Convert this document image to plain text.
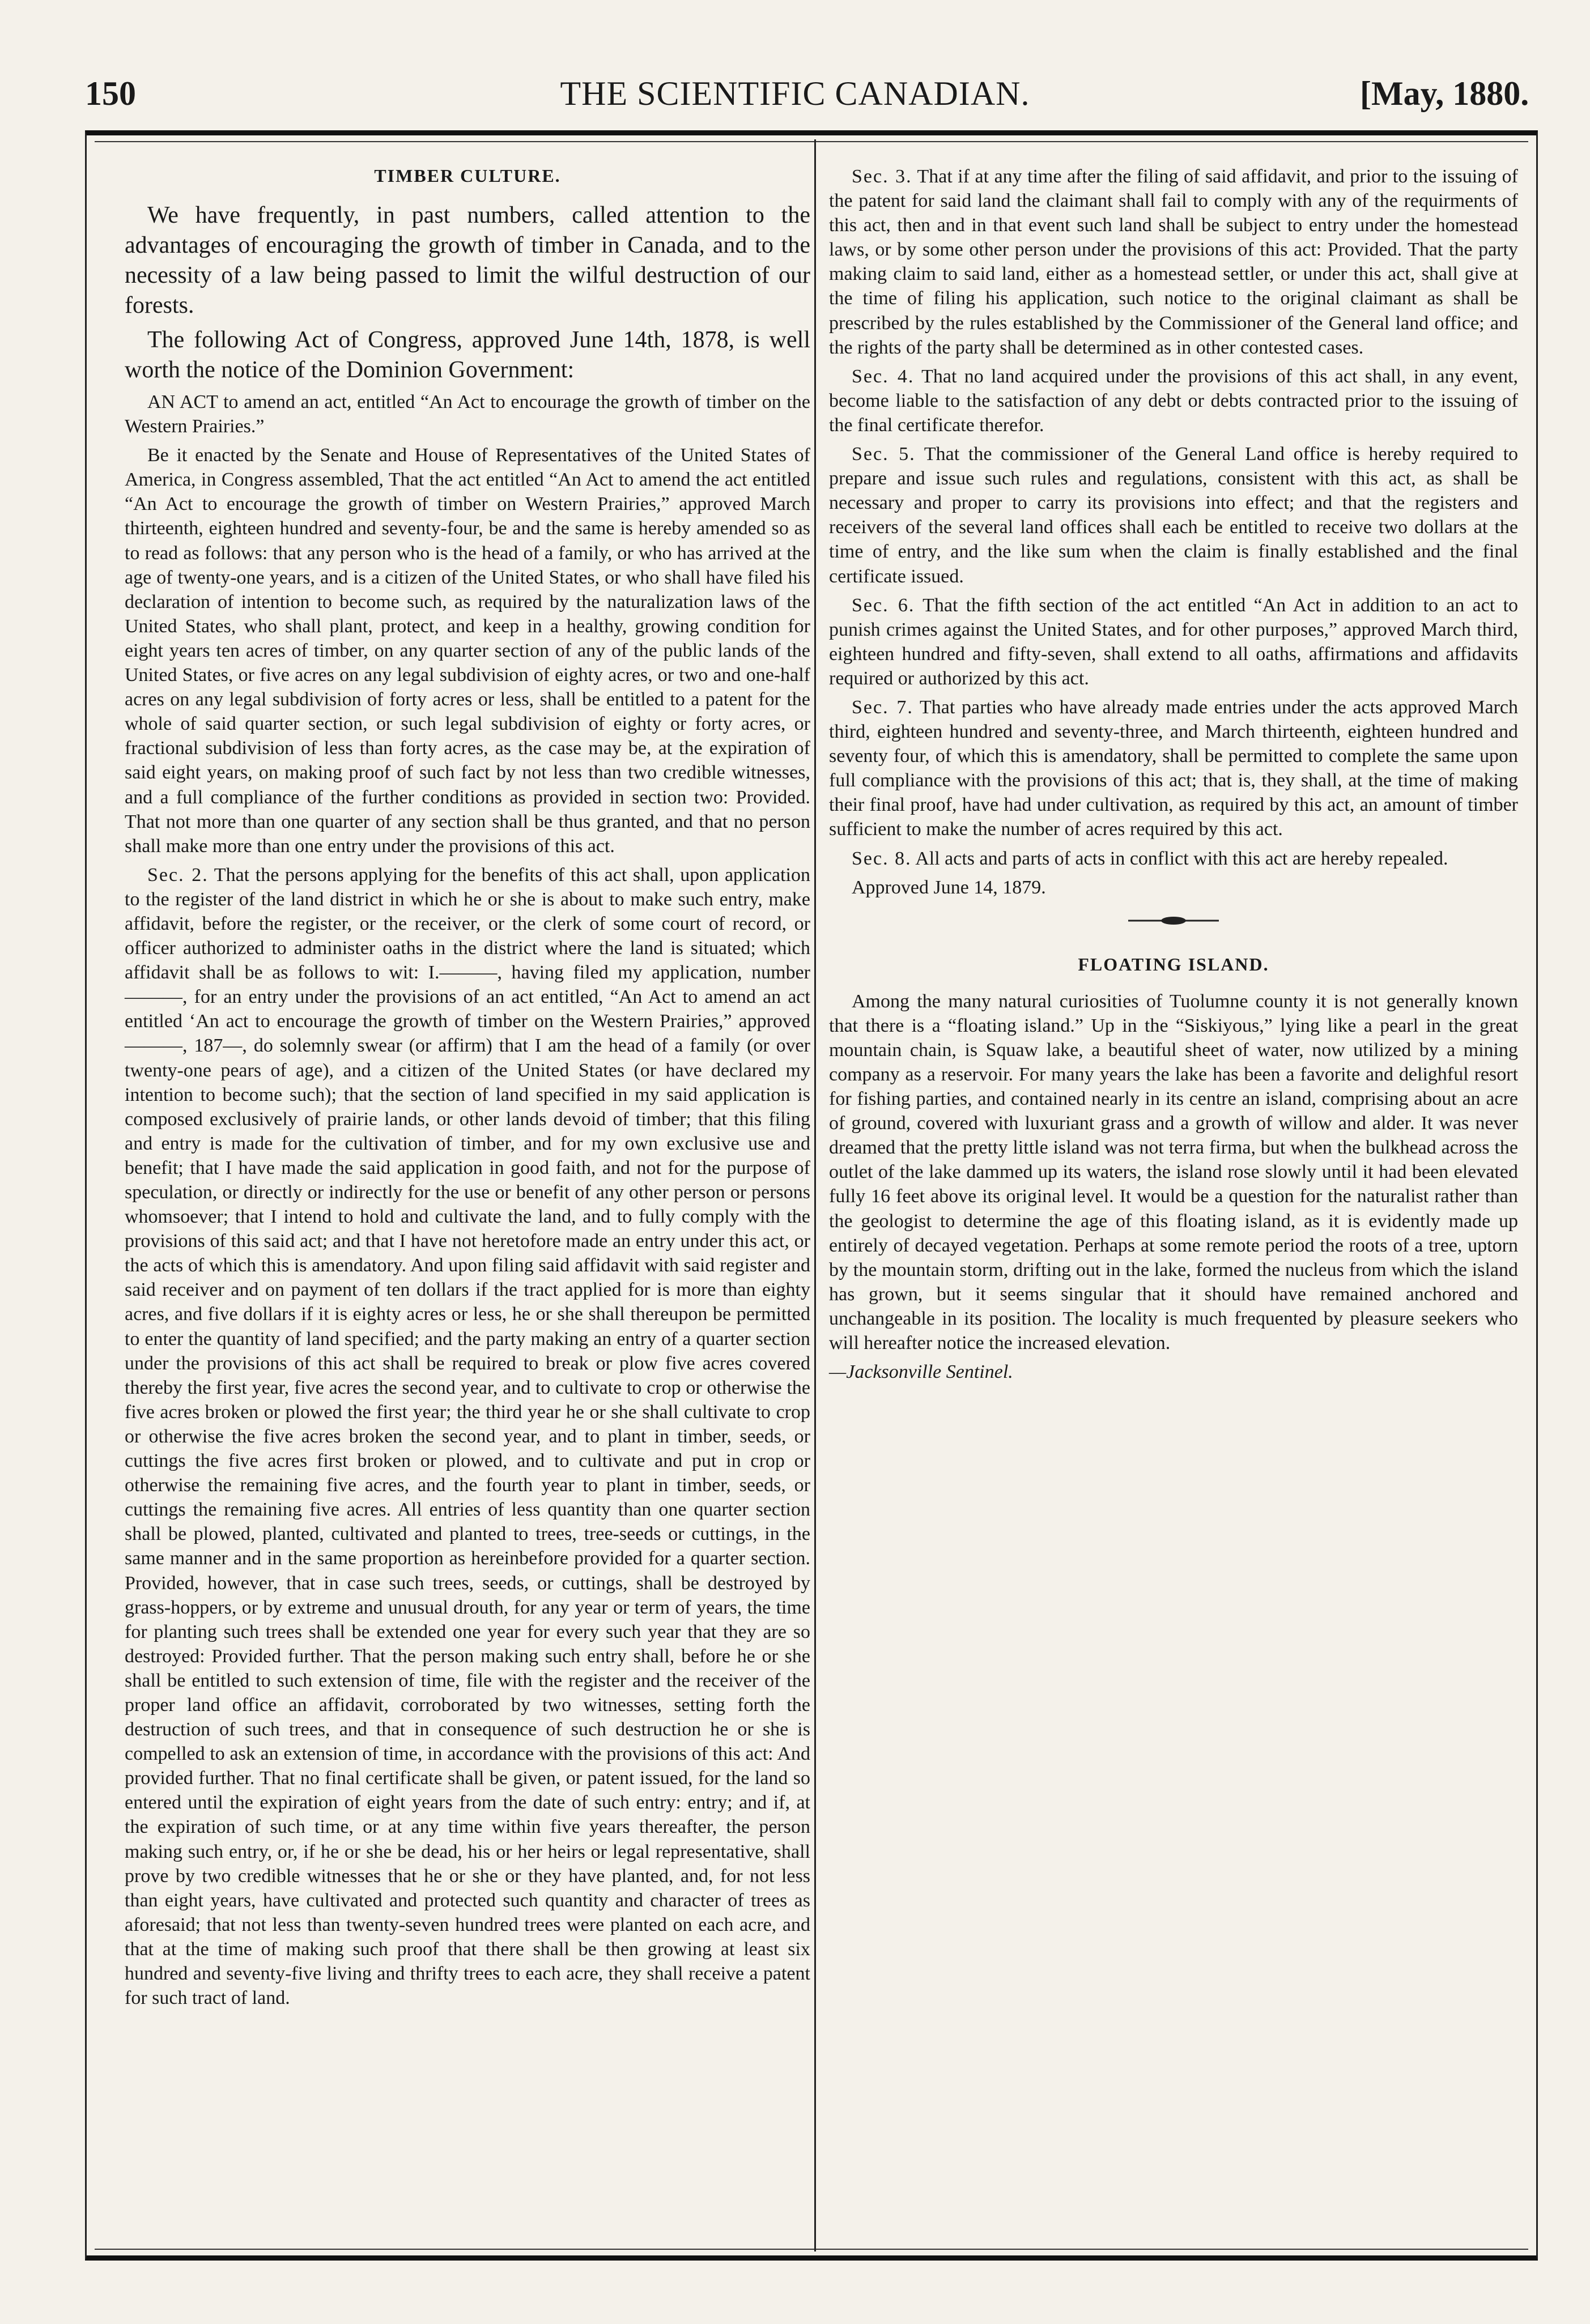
THE SCIENTIFIC CANADIAN.

150	[May, 1880.

TIMBER CULTURE.

We have frequently, in past numbers, called attention to the advantages of encouraging the growth of timber in Canada, and to the necessity of a law being passed to limit the wilful destruction of our forests.

The following Act of Congress, approved June 14th, 1878, is well worth the notice of the Dominion Government:

AN ACT to amend an act, entitled “An Act to encourage the growth of timber on the Western Prairies.”

Be it enacted by the Senate and House of Representatives of the United States of America, in Congress assembled, That the act entitled “An Act to amend the act entitled “An Act to encourage the growth of timber on Western Prairies,” approved March thirteenth, eighteen hundred and seventy-four, be and the same is hereby amended so as to read as follows: that any person who is the head of a family, or who has arrived at the age of twenty-one years, and is a citizen of the United States, or who shall have filed his declaration of intention to become such, as required by the naturalization laws of the United States, who shall plant, protect, and keep in a healthy, growing condition for eight years ten acres of timber, on any quarter section of any of the public lands of the United States, or five acres on any legal subdivision of eighty acres, or two and one-half acres on any legal subdivision of forty acres or less, shall be entitled to a patent for the whole of said quarter section, or such legal subdivision of eighty or forty acres, or fractional subdivision of less than forty acres, as the case may be, at the expiration of said eight years, on making proof of such fact by not less than two credible witnesses, and a full compliance of the further conditions as provided in section two: Provided. That not more than one quarter of any section shall be thus granted, and that no person shall make more than one entry under the provisions of this act.

Sec. 2. That the persons applying for the benefits of this act shall, upon application to the register of the land district in which he or she is about to make such entry, make affidavit, before the register, or the receiver, or the clerk of some court of record, or officer authorized to administer oaths in the district where the land is situated; which affidavit shall be as follows to wit: I.———, having filed my application, number———, for an entry under the provisions of an act entitled, “An Act to amend an act entitled ‘An act to encourage the growth of timber on the Western Prairies,” approved———, 187—, do solemnly swear (or affirm) that I am the head of a family (or over twenty-one pears of age), and a citizen of the United States (or have declared my intention to become such); that the section of land specified in my said application is composed exclusively of prairie lands, or other lands devoid of timber; that this filing and entry is made for the cultivation of timber, and for my own exclusive use and benefit; that I have made the said application in good faith, and not for the purpose of speculation, or directly or indirectly for the use or benefit of any other person or persons whomsoever; that I intend to hold and cultivate the land, and to fully comply with the provisions of this said act; and that I have not heretofore made an entry under this act, or the acts of which this is amendatory. And upon filing said affidavit with said register and said receiver and on payment of ten dollars if the tract applied for is more than eighty acres, and five dollars if it is eighty acres or less, he or she shall thereupon be permitted to enter the quantity of land specified; and the party making an entry of a quarter section under the provisions of this act shall be required to break or plow five acres covered thereby the first year, five acres the second year, and to cultivate to crop or otherwise the five acres broken or plowed the first year; the third year he or she shall cultivate to crop or otherwise the five acres broken the second year, and to plant in timber, seeds, or cuttings the five acres first broken or plowed, and to cultivate and put in crop or otherwise the remaining five acres, and the fourth year to plant in timber, seeds, or cuttings the remaining five acres. All entries of less quantity than one quarter section shall be plowed, planted, cultivated and planted to trees, tree-seeds or cuttings, in the same manner and in the same proportion as hereinbefore provided for a quarter section. Provided, however, that in case such trees, seeds, or cuttings, shall be destroyed by grass-hoppers, or by extreme and unusual drouth, for any year or term of years, the time for planting such trees shall be extended one year for every such year that they are so destroyed: Provided further. That the person making such entry shall, before he or she shall be entitled to such extension of time, file with the register and the receiver of the proper land office an affidavit, corroborated by two witnesses, setting forth the destruction of such trees, and that in consequence of such destruction he or she is compelled to ask an extension of time, in accordance with the provisions of this act: And provided further. That no final certificate shall be given, or patent issued, for the land so entered until the expiration of eight years from the date of such entry: entry; and if, at the expiration of such time, or at any time within five years thereafter, the person making such entry, or, if he or she be dead, his or her heirs or legal representative, shall prove by two credible witnesses that he or she or they have planted, and, for not less than eight years, have cultivated and protected such quantity and character of trees as aforesaid; that not less than twenty-seven hundred trees were planted on each acre, and that at the time of making such proof that there shall be then growing at least six hundred and seventy-five living and thrifty trees to each acre, they shall receive a patent for such tract of land.

Sec. 3. That if at any time after the filing of said affidavit, and prior to the issuing of the patent for said land the claimant shall fail to comply with any of the requirments of this act, then and in that event such land shall be subject to entry under the homestead laws, or by some other person under the provisions of this act: Provided. That the party making claim to said land, either as a homestead settler, or under this act, shall give at the time of filing his application, such notice to the original claimant as shall be prescribed by the rules established by the Commissioner of the General land office; and the rights of the party shall be determined as in other contested cases.

Sec. 4. That no land acquired under the provisions of this act shall, in any event, become liable to the satisfaction of any debt or debts contracted prior to the issuing of the final certificate therefor.

Sec. 5. That the commissioner of the General Land office is hereby required to prepare and issue such rules and regulations, consistent with this act, as shall be necessary and proper to carry its provisions into effect; and that the registers and receivers of the several land offices shall each be entitled to receive two dollars at the time of entry, and the like sum when the claim is finally established and the final certificate issued.

Sec. 6. That the fifth section of the act entitled “An Act in addition to an act to punish crimes against the United States, and for other purposes,” approved March third, eighteen hundred and fifty-seven, shall extend to all oaths, affirmations and affidavits required or authorized by this act.

Sec. 7. That parties who have already made entries under the acts approved March third, eighteen hundred and seventy-three, and March thirteenth, eighteen hundred and seventy four, of which this is amendatory, shall be permitted to complete the same upon full compliance with the provisions of this act; that is, they shall, at the time of making their final proof, have had under cultivation, as required by this act, an amount of timber sufficient to make the number of acres required by this act.

Sec. 8. All acts and parts of acts in conflict with this act are hereby repealed.

Approved June 14, 1879.

FLOATING ISLAND.

Among the many natural curiosities of Tuolumne county it is not generally known that there is a “floating island.” Up in the “Siskiyous,” lying like a pearl in the great mountain chain, is Squaw lake, a beautiful sheet of water, now utilized by a mining company as a reservoir. For many years the lake has been a favorite and delighful resort for fishing parties, and contained nearly in its centre an island, comprising about an acre of ground, covered with luxuriant grass and a growth of willow and alder. It was never dreamed that the pretty little island was not terra firma, but when the bulkhead across the outlet of the lake dammed up its waters, the island rose slowly until it had been elevated fully 16 feet above its original level. It would be a question for the naturalist rather than the geologist to determine the age of this floating island, as it is evidently made up entirely of decayed vegetation. Perhaps at some remote period the roots of a tree, uptorn by the mountain storm, drifting out in the lake, formed the nucleus from which the island has grown, but it seems singular that it should have remained anchored and unchangeable in its position. The locality is much frequented by pleasure seekers who will hereafter notice the increased elevation.

—Jacksonville Sentinel.
